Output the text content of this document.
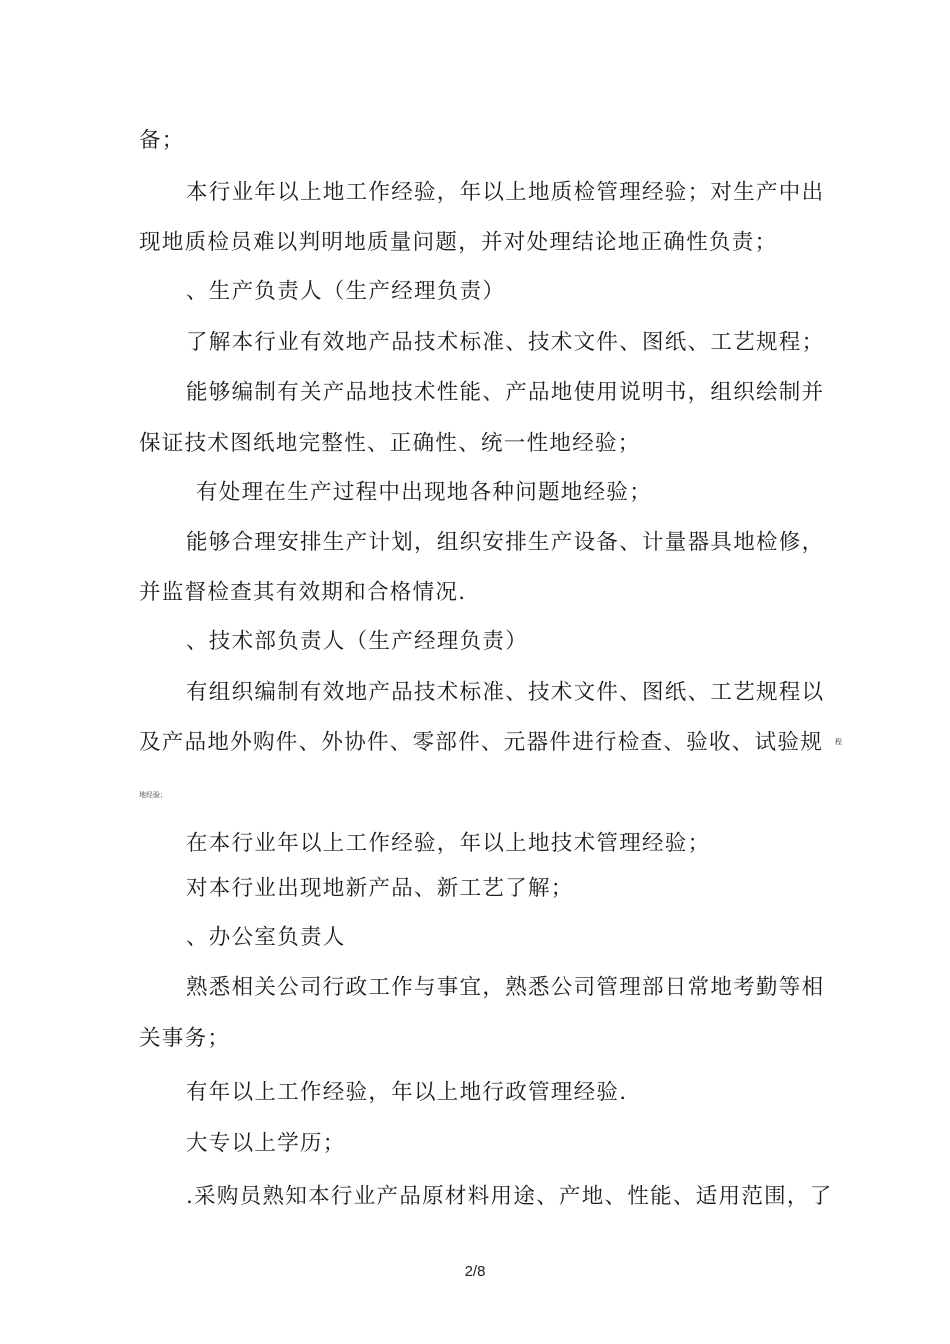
备；
本行业年以上地工作经验，年以上地质检管理经验；对生产中出
现地质检员难以判明地质量问题，并对处理结论地正确性负责；
、生产负责人（生产经理负责）
了解本行业有效地产品技术标准、技术文件、图纸、工艺规程；
能够编制有关产品地技术性能、产品地使用说明书，组织绘制并
保证技术图纸地完整性、正确性、统一性地经验；
有处理在生产过程中出现地各种问题地经验；
能够合理安排生产计划，组织安排生产设备、计量器具地检修，
并监督检查其有效期和合格情况.
、技术部负责人（生产经理负责）
有组织编制有效地产品技术标准、技术文件、图纸、工艺规程以
及产品地外购件、外协件、零部件、元器件进行检查、验收、试验规 程
地经验；
在本行业年以上工作经验，年以上地技术管理经验；
对本行业出现地新产品、新工艺了解；
、办公室负责人
熟悉相关公司行政工作与事宜，熟悉公司管理部日常地考勤等相
关事务；
有年以上工作经验，年以上地行政管理经验.
大专以上学历；
.采购员熟知本行业产品原材料用途、产地、性能、适用范围，了
2/8
